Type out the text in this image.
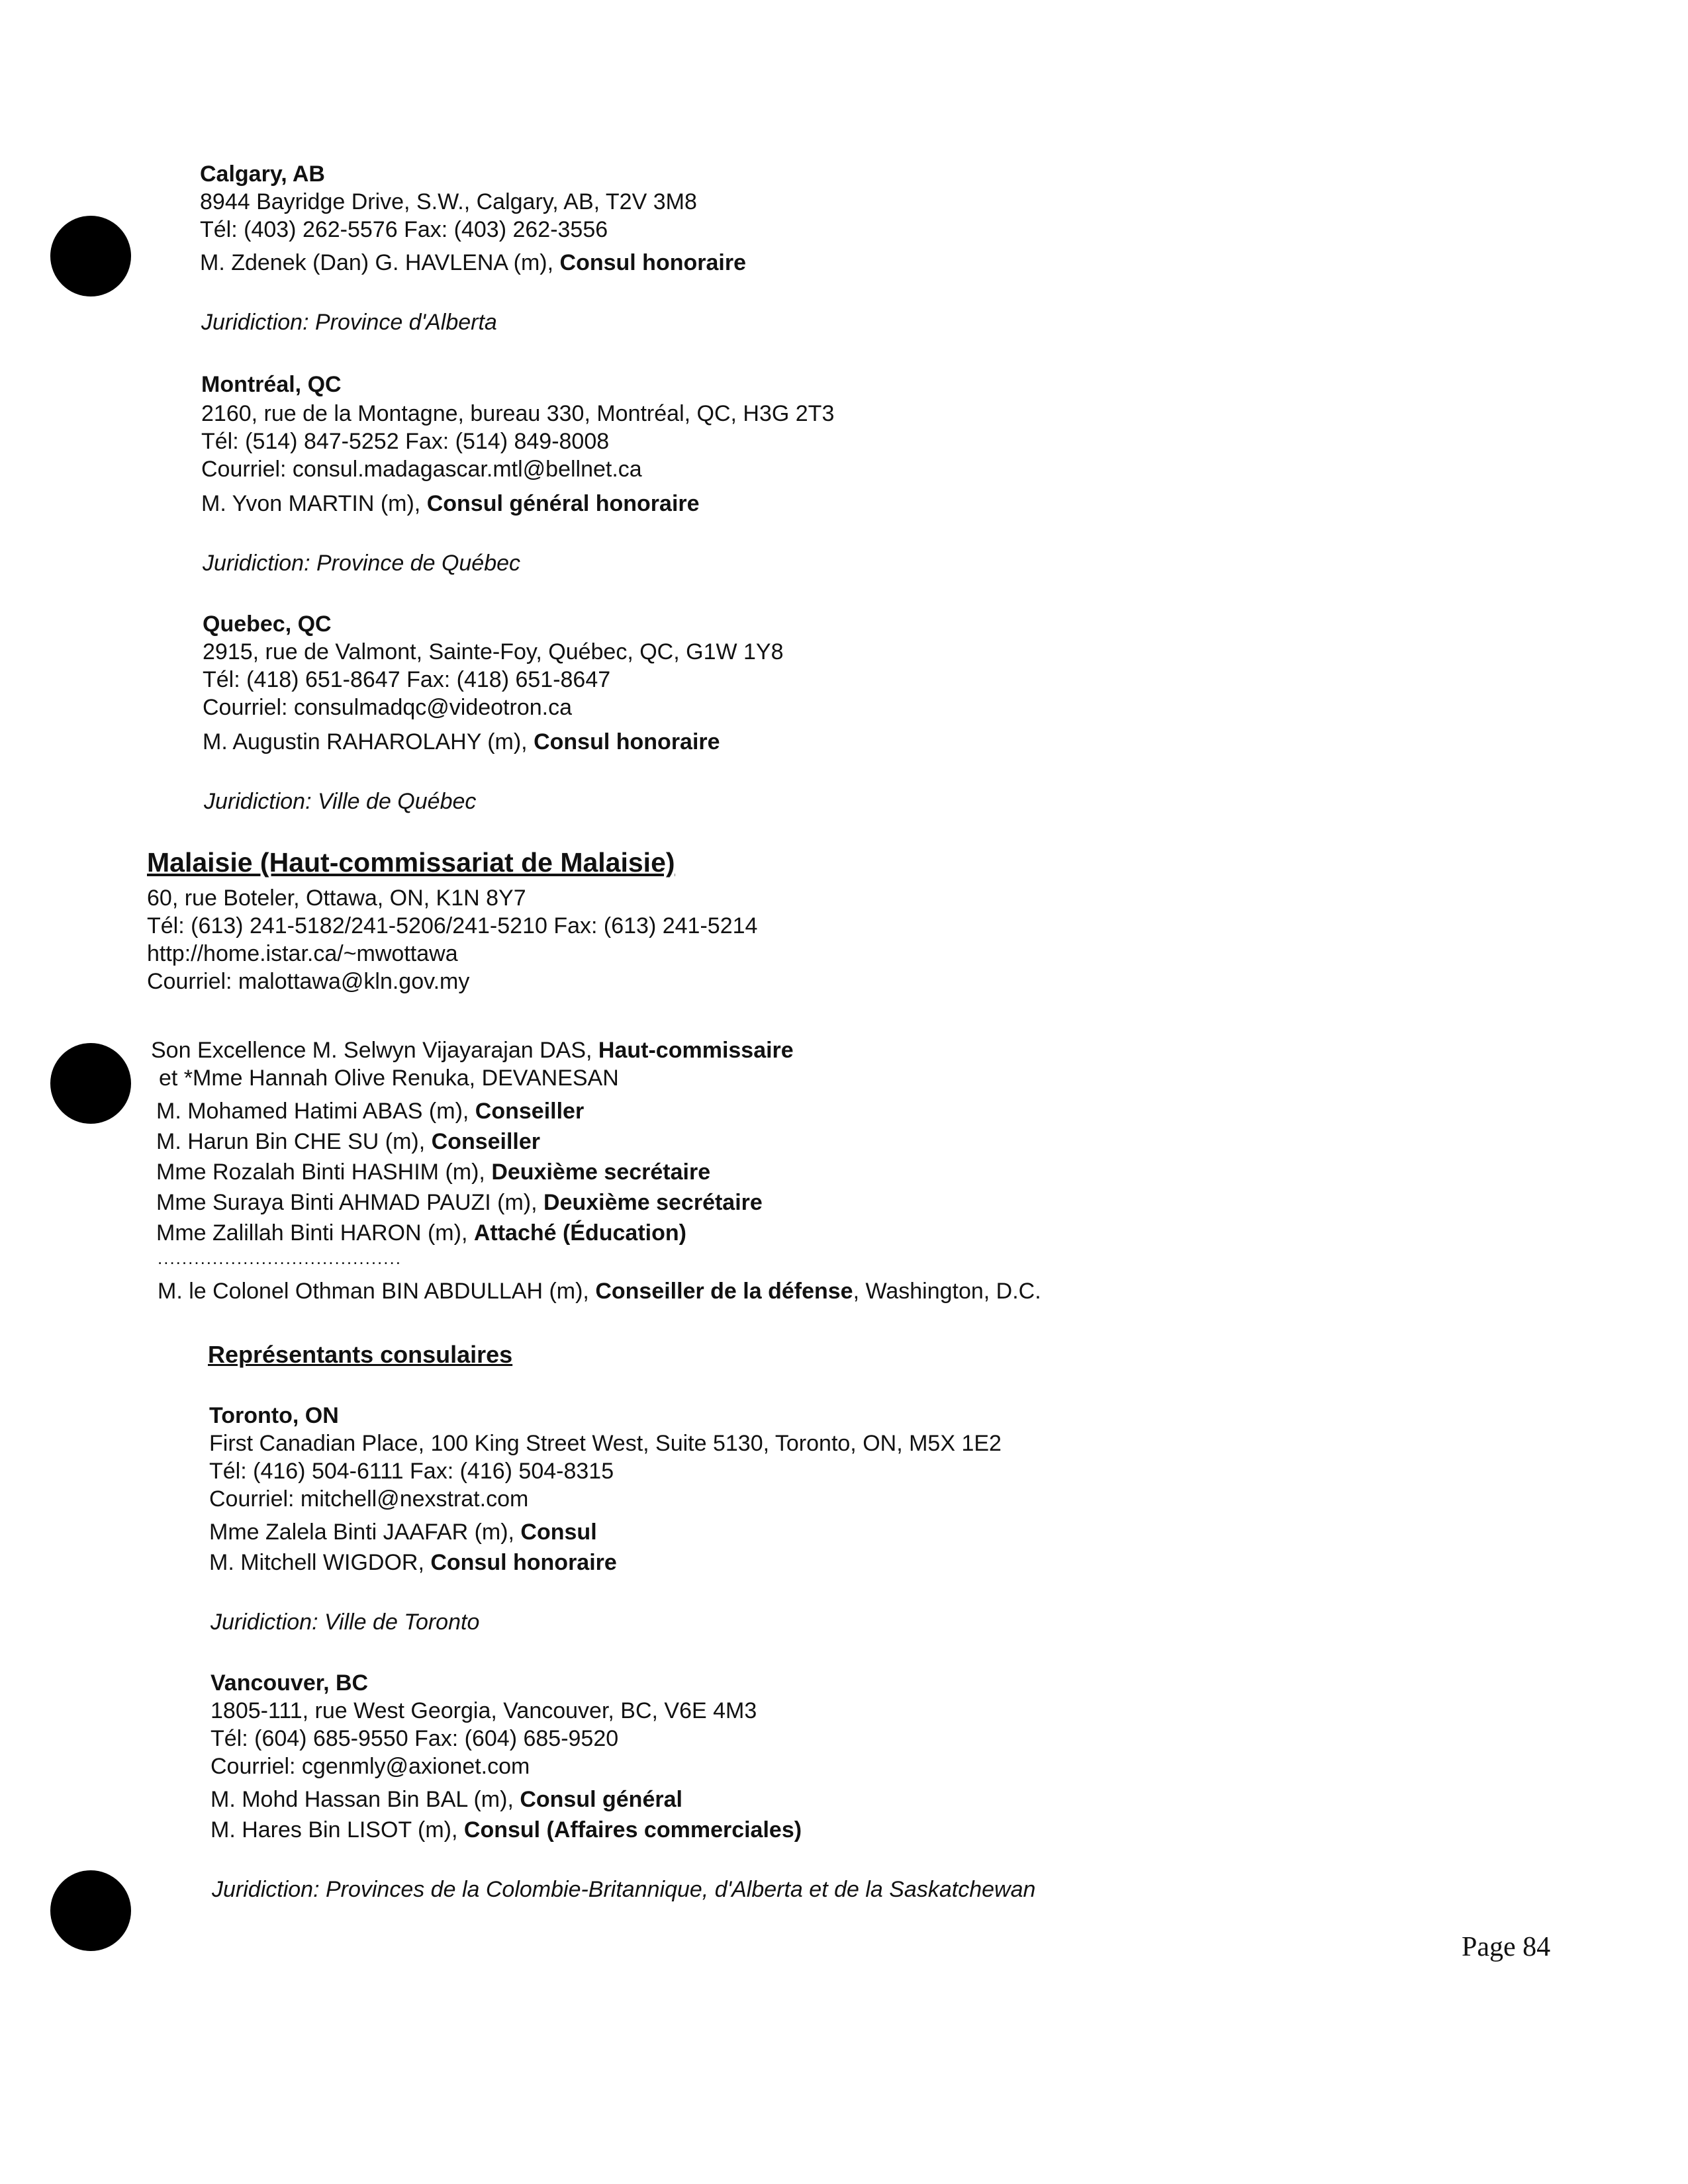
Calgary, AB
8944 Bayridge Drive, S.W., Calgary, AB, T2V 3M8
Tél: (403) 262-5576 Fax: (403) 262-3556
M. Zdenek (Dan) G. HAVLENA (m), Consul honoraire
Juridiction: Province d'Alberta
Montréal, QC
2160, rue de la Montagne, bureau 330, Montréal, QC, H3G 2T3
Tél: (514) 847-5252 Fax: (514) 849-8008
Courriel: consul.madagascar.mtl@bellnet.ca
M. Yvon MARTIN (m), Consul général honoraire
Juridiction: Province de Québec
Quebec, QC
2915, rue de Valmont, Sainte-Foy, Québec, QC, G1W 1Y8
Tél: (418) 651-8647 Fax: (418) 651-8647
Courriel: consulmadqc@videotron.ca
M. Augustin RAHAROLAHY (m), Consul honoraire
Juridiction: Ville de Québec
Malaisie (Haut-commissariat de Malaisie)
60, rue Boteler, Ottawa, ON, K1N 8Y7
Tél: (613) 241-5182/241-5206/241-5210 Fax: (613) 241-5214
http://home.istar.ca/~mwottawa
Courriel: malottawa@kln.gov.my
Son Excellence M. Selwyn Vijayarajan DAS, Haut-commissaire
et *Mme Hannah Olive Renuka, DEVANESAN
M. Mohamed Hatimi ABAS (m), Conseiller
M. Harun Bin CHE SU (m), Conseiller
Mme Rozalah Binti HASHIM (m), Deuxième secrétaire
Mme Suraya Binti AHMAD PAUZI (m), Deuxième secrétaire
Mme Zalillah Binti HARON (m), Attaché (Éducation)
........................................
M. le Colonel Othman BIN ABDULLAH (m), Conseiller de la défense, Washington, D.C.
Représentants consulaires
Toronto, ON
First Canadian Place, 100 King Street West, Suite 5130, Toronto, ON, M5X 1E2
Tél: (416) 504-6111 Fax: (416) 504-8315
Courriel: mitchell@nexstrat.com
Mme Zalela Binti JAAFAR (m), Consul
M. Mitchell WIGDOR, Consul honoraire
Juridiction: Ville de Toronto
Vancouver, BC
1805-111, rue West Georgia, Vancouver, BC, V6E 4M3
Tél: (604) 685-9550 Fax: (604) 685-9520
Courriel: cgenmly@axionet.com
M. Mohd Hassan Bin BAL (m), Consul général
M. Hares Bin LISOT (m), Consul (Affaires commerciales)
Juridiction: Provinces de la Colombie-Britannique, d'Alberta et de la Saskatchewan
Page 84
